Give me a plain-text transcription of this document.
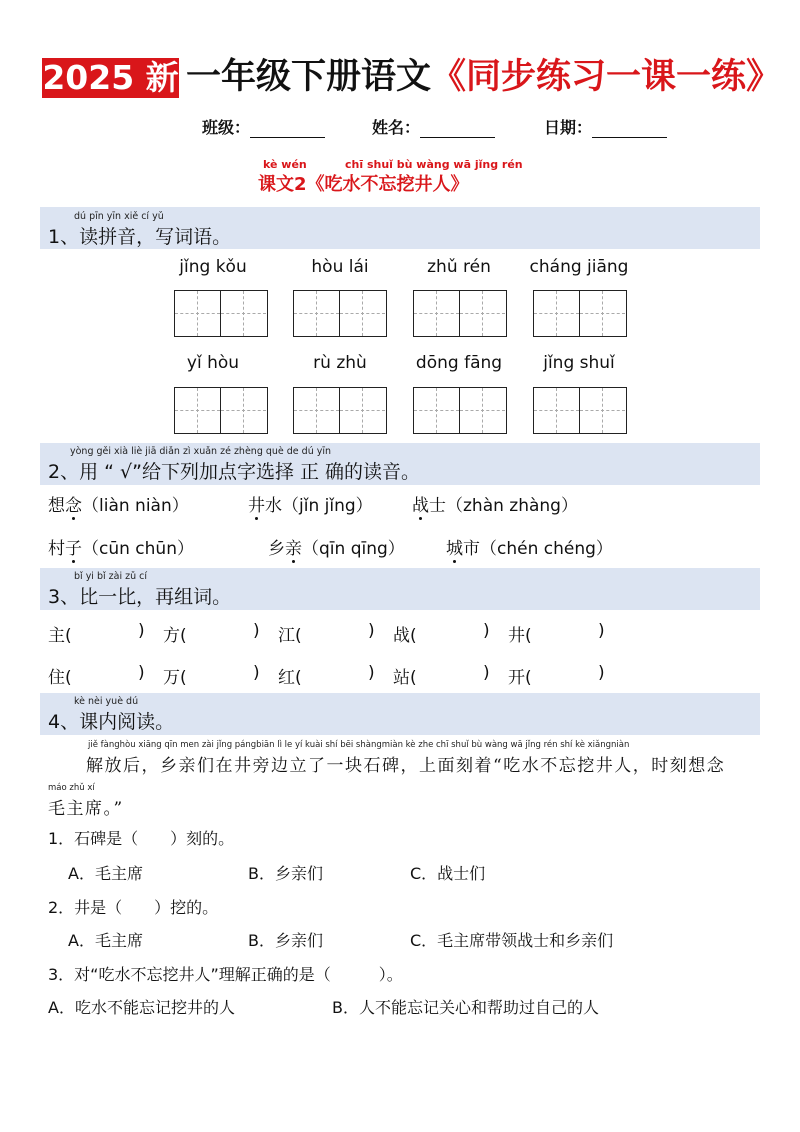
2025 新 一年级下册语文《同步练习一课一练》
班级：	姓名：	日期：
kè wén	chī shuǐ bù wàng wā jǐng rén
课文2《吃水不忘挖井人》
dú pīn yīn xiě cí yǔ
1、读拼音，写词语。
jǐng kǒu	hòu lái	zhǔ rén	cháng jiāng
yǐ hòu	rù zhù	dōng fāng	jǐng shuǐ
yòng gěi xià liè jiā diǎn zì xuǎn zé zhèng què de dú yīn
2、用 “ √”给下列加点字选择 正 确的读音。
想念（liàn niàn）	井水（jǐn jǐng） 战士（zhàn zhàng）
村子（cūn chūn）	乡亲（qīn qīng） 城市（chén chéng）
bǐ yi bǐ zài zǔ cí
3、比一比，再组词。
主(	) 方(	) 江(	) 战(	) 井(	)
住(	) 万(	) 红(	) 站(	) 开(	)
kè nèi yuè dú
4、课内阅读。
jiě fànghòu xiāng qīn men zài jǐng pángbiān lì le yí kuài shí bēi shàngmiàn kè zhe chī shuǐ bù wàng wā jǐng rén shí kè xiǎngniàn
解放后，乡亲们在井旁边立了一块石碑，上面刻着“吃水不忘挖井人，时刻想念
máo zhǔ xí
毛主席。”
1．石碑是（　　）刻的。
A．毛主席	B．乡亲们	C．战士们
2．井是（　　）挖的。
A．毛主席	B．乡亲们	C．毛主席带领战士和乡亲们
3．对“吃水不忘挖井人”理解正确的是（　　　）。
A．吃水不能忘记挖井的人	B．人不能忘记关心和帮助过自己的人
